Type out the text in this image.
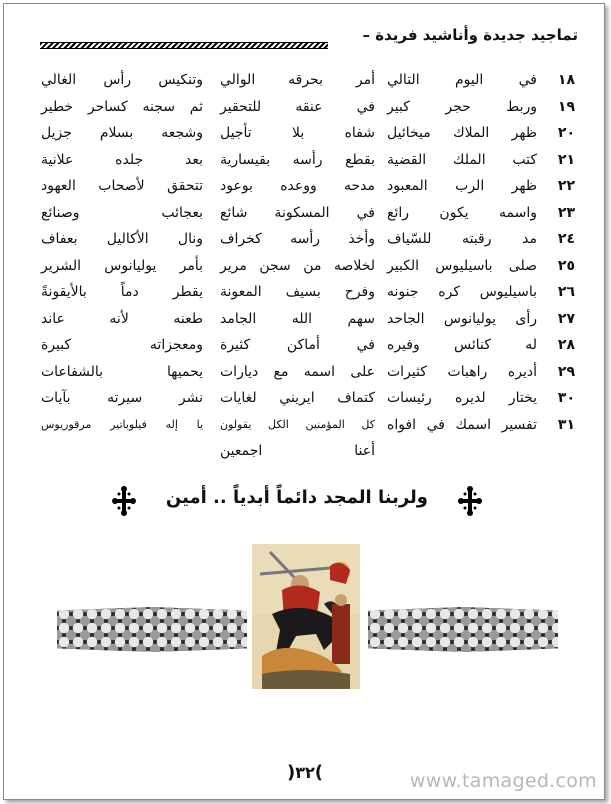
تماجيد جديدة وأناشيد فريدة –
١٨
في اليوم التالي
أمر بحرقه الوالي
وتنكيس رأس الغالي
١٩
وربط حجر كبير
في عنقه للتحقير
ثم سجنه كساحر خطير
٢٠
ظهر الملاك ميخائيل
شفاه بلا تأجيل
وشجعه بسلام جزيل
٢١
كتب الملك القضية
بقطع رأسه بقيسارية
بعد جلده علانية
٢٢
ظهر الرب المعبود
مدحه ووعده بوعود
تتحقق لأصحاب العهود
٢٣
واسمه يكون رائع
في المسكونة شائع
بعجائب وصنائع
٢٤
مد رقبته للسّياف
وأخذ رأسه كخراف
ونال الأكاليل بعفاف
٢٥
صلى باسيليوس الكبير
لخلاصه من سجن مرير
بأمر يوليانوس الشرير
٢٦
باسيليوس كره جنونه
وفرح بسيف المعونة
يقطر دماً بالأيقونةً
٢٧
رأى يوليانوس الجاحد
سهم الله الجامد
طعنه لأنه عاند
٢٨
له كنائس وفيره
في أماكن كثيرة
ومعجزاته كبيرة
٢٩
أديره راهبات كثيرات
على اسمه مع ديارات
يحميها بالشفاعات
٣٠
يختار لديره رئيسات
كتماف ايريني لغايات
نشر سيرته بآيات
٣١
تفسير اسمك في افواه
كل المؤمنين الكل يقولون
يا إله فيلوباتير مرقوريوس
أعنا اجمعين
ولربنا المجد دائماً أبدياً .. أمين
)٣٢(	www.tamaged.com
